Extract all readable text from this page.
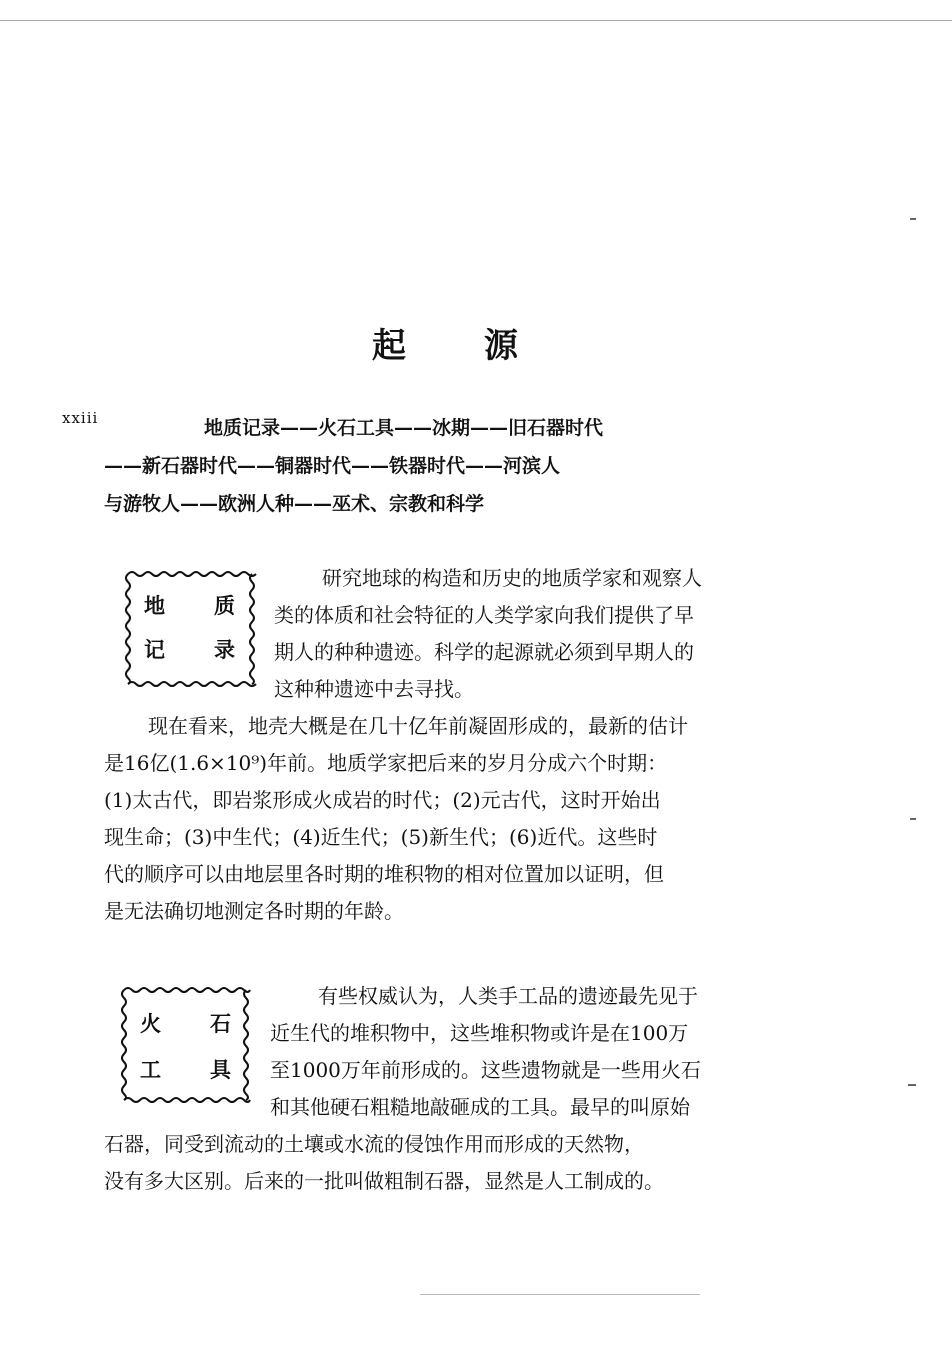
起 源
xxiii	地质记录——火石工具——冰期——旧石器时代
——新石器时代——铜器时代——铁器时代——河滨人
与游牧人——欧洲人种——巫术、宗教和科学
地 质
记 录
研究地球的构造和历史的地质学家和观察人
类的体质和社会特征的人类学家向我们提供了早
期人的种种遗迹。科学的起源就必须到早期人的
这种种遗迹中去寻找。
现在看来，地壳大概是在几十亿年前凝固形成的，最新的估计
是16亿(1.6×10⁹)年前。地质学家把后来的岁月分成六个时期：
(1)太古代，即岩浆形成火成岩的时代；(2)元古代，这时开始出
现生命；(3)中生代；(4)近生代；(5)新生代；(6)近代。这些时
代的顺序可以由地层里各时期的堆积物的相对位置加以证明，但
是无法确切地测定各时期的年龄。
火 石
工 具
有些权威认为，人类手工品的遗迹最先见于
近生代的堆积物中，这些堆积物或许是在100万
至1000万年前形成的。这些遗物就是一些用火石
和其他硬石粗糙地敲砸成的工具。最早的叫原始
石器，同受到流动的土壤或水流的侵蚀作用而形成的天然物，
没有多大区别。后来的一批叫做粗制石器，显然是人工制成的。
